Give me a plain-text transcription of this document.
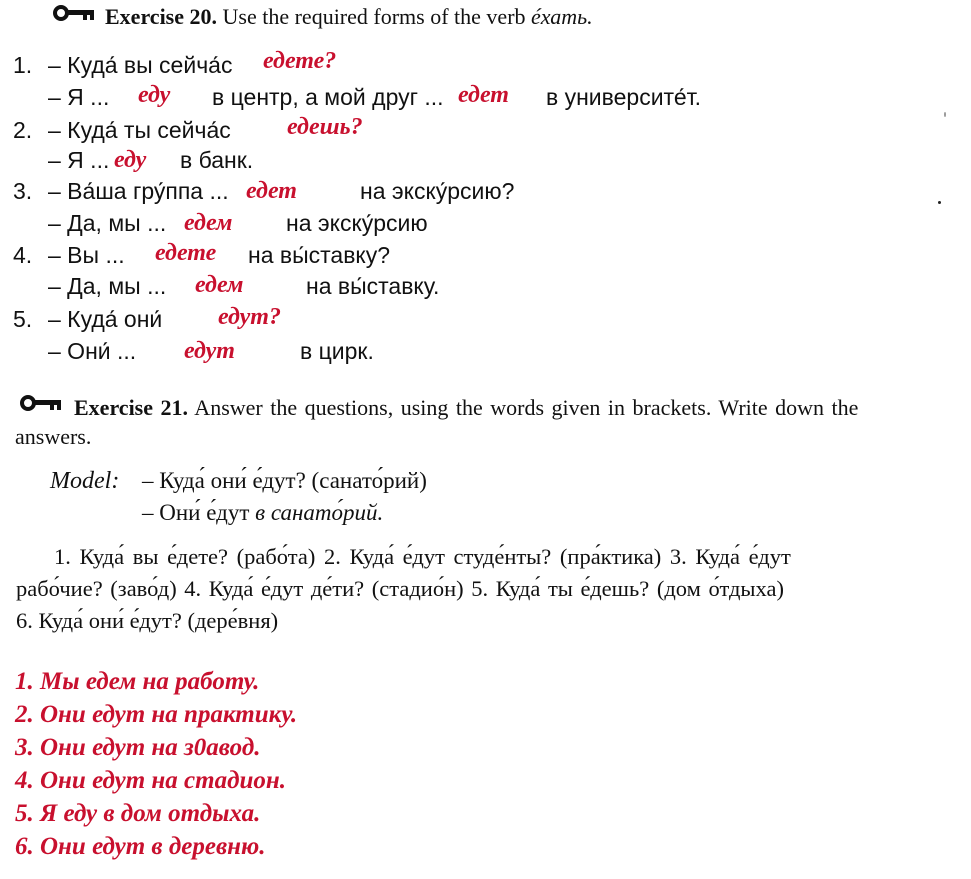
Exercise 20. Use the required forms of the verb éхать.
1. – Куда́ вы сейча́с едете?
– Я ... еду в центр, а мой друг ... едет в университе́т.
2. – Куда́ ты сейча́с едешь?
– Я ... еду в банк.
3. – Ва́ша гру́ппа ... едет	на экску́рсию?
– Да, мы ... едем на экску́рсию
4. – Вы ... едете на вы́ставку?
– Да, мы ... едем	на вы́ставку.
5. – Куда́ они́ едут?
– Они́ ... едут	в цирк.
Exercise 21. Answer the questions, using the words given in brackets. Write down the
answers.
Model: – Куда́ они́ е́дут? (санато́рий)
– Они́ е́дут в санато́рий.
1. Куда́ вы е́дете? (рабо́та) 2. Куда́ е́дут студе́нты? (пра́ктика) 3. Куда́ е́дут
рабо́чие? (заво́д) 4. Куда́ е́дут де́ти? (стадио́н) 5. Куда́ ты е́дешь? (дом о́тдыха)
6. Куда́ они́ е́дут? (дере́вня)
1. Мы едем на работу.
2. Они едут на практику.
3. Они едут на з0авод.
4. Они едут на стадион.
5. Я еду в дом отдыха.
6. Они едут в деревню.
